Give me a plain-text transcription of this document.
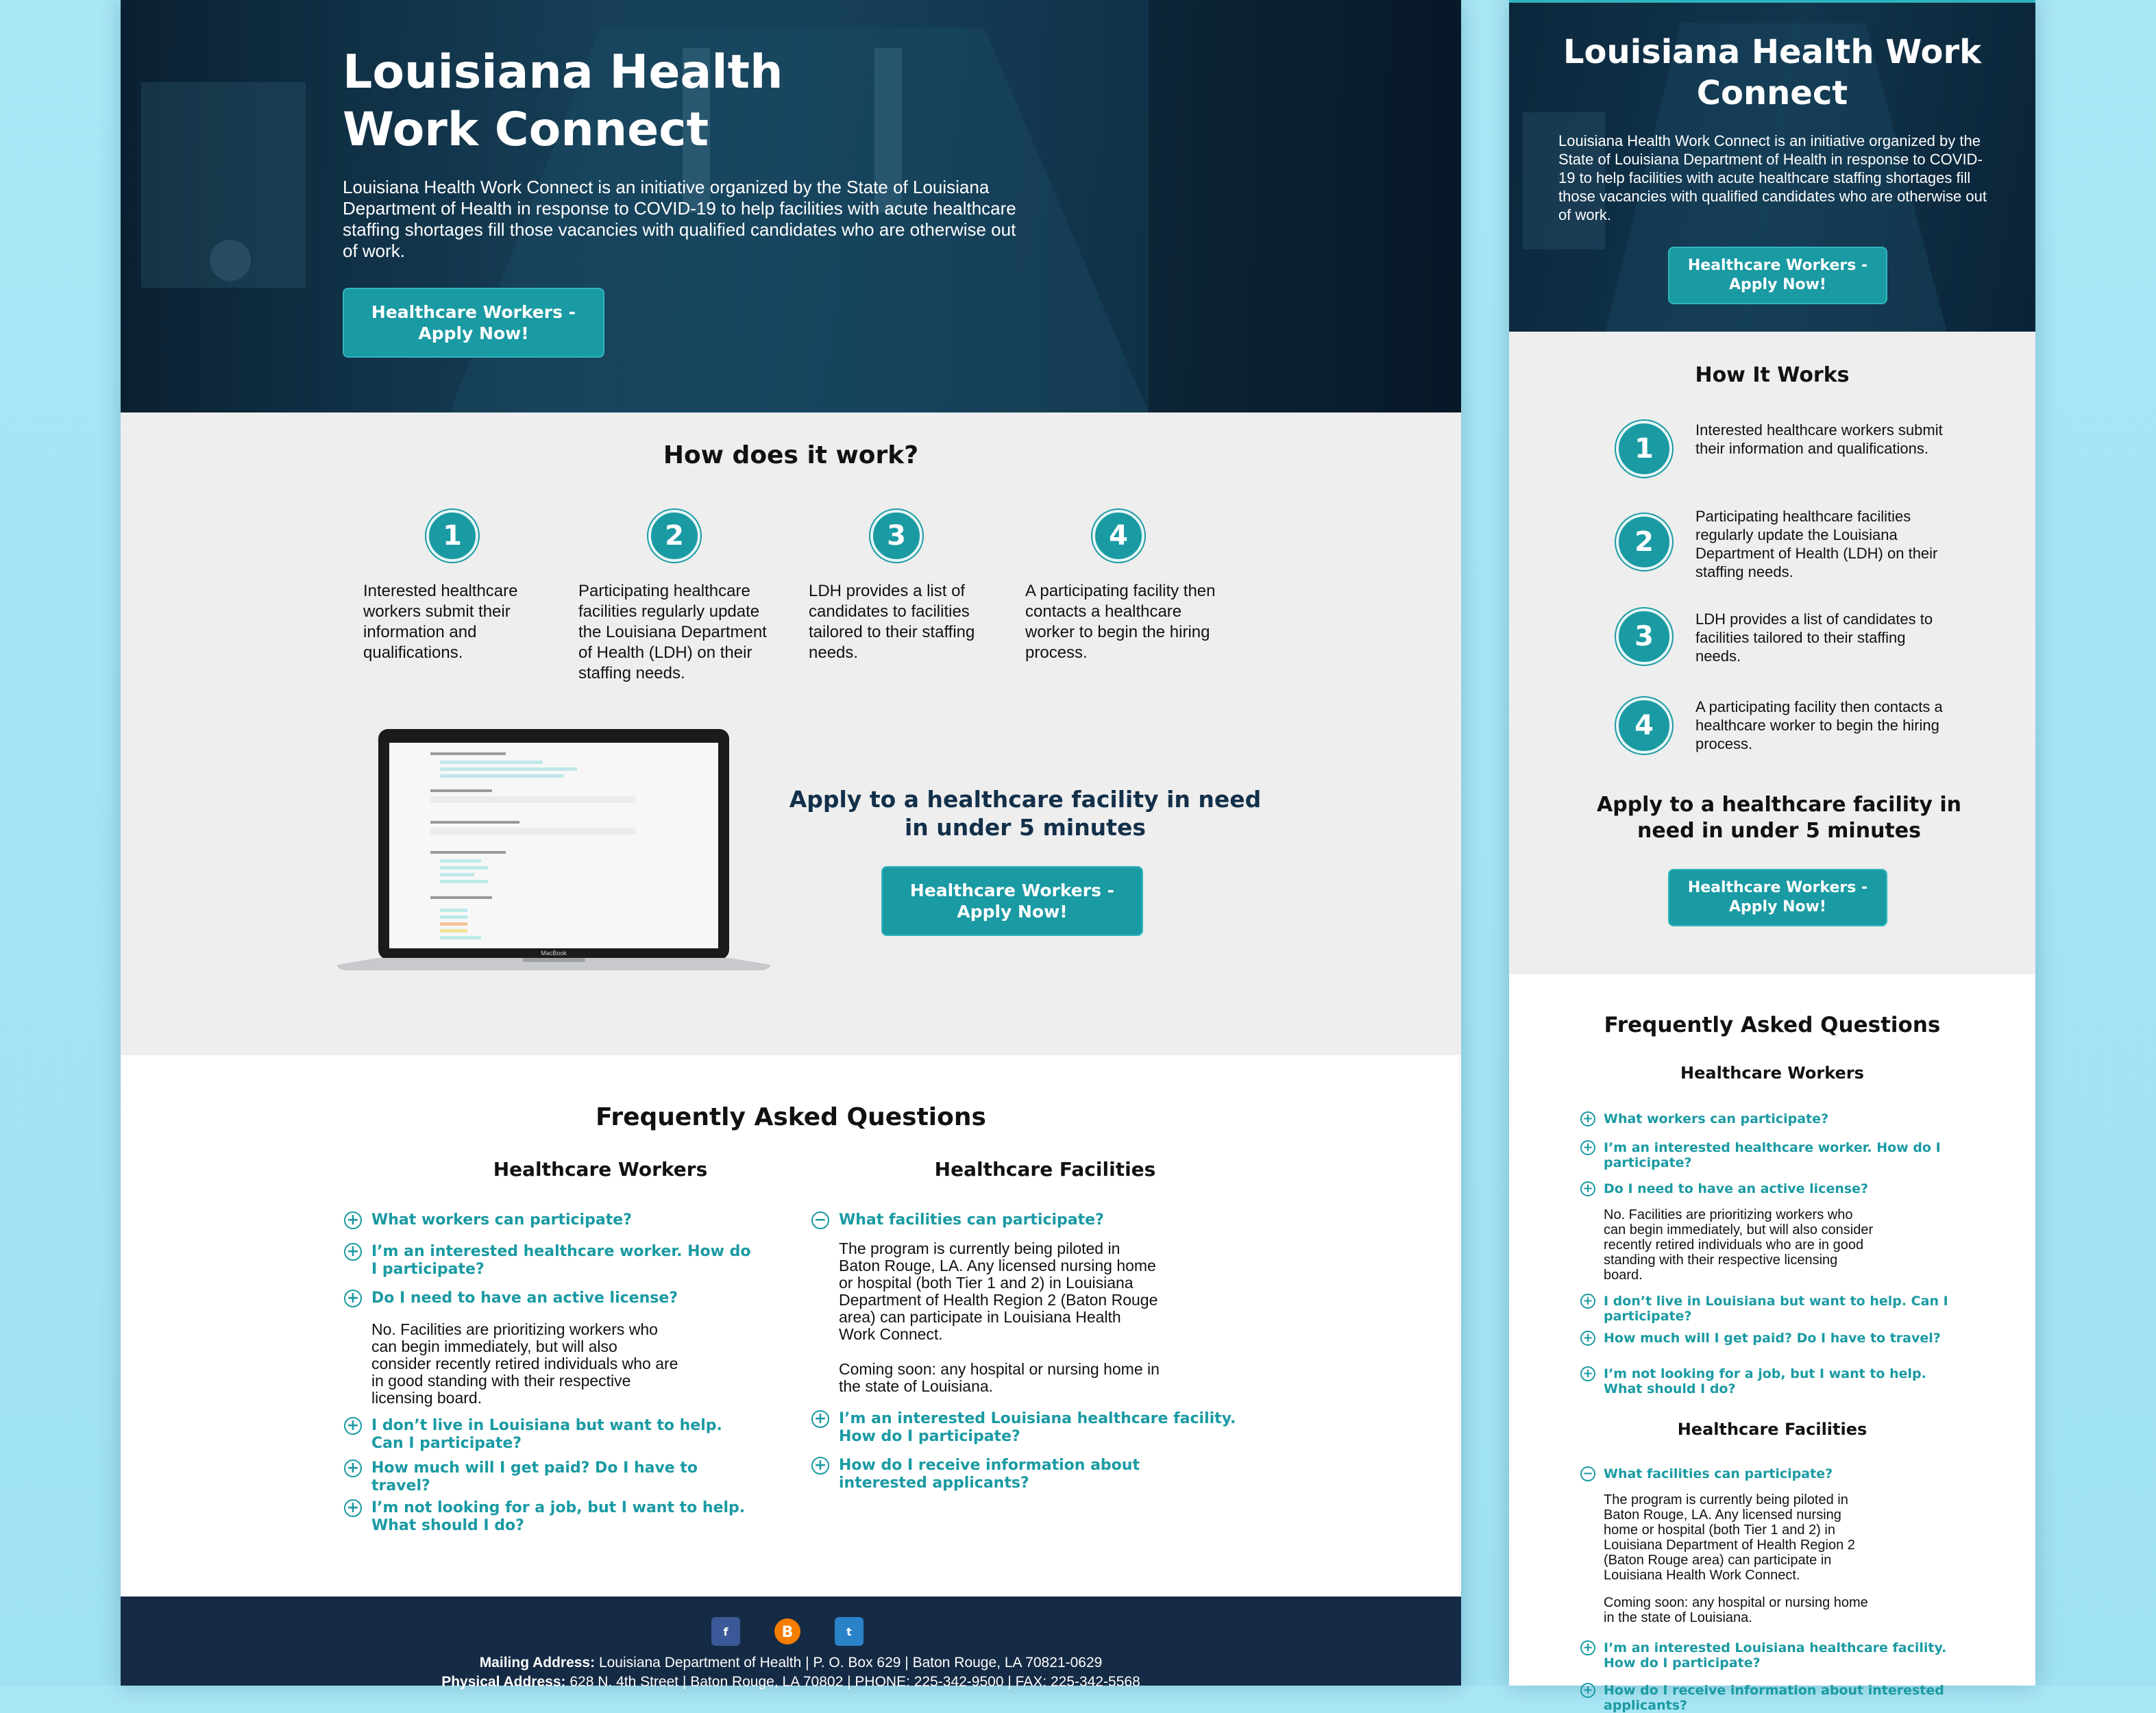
Louisiana Health Work Connect

Louisiana Health Work Connect is an initiative organized by the State of Louisiana Department of Health in response to COVID-19 to help facilities with acute healthcare staffing shortages fill those vacancies with qualified candidates who are otherwise out of work.

Healthcare Workers - Apply Now!
How does it work?
1	2	3	4

Interested healthcare workers submit their information and qualifications.

Participating healthcare facilities regularly update the Louisiana Department of Health (LDH) on their staffing needs.

LDH provides a list of candidates to facilities tailored to their staffing needs.

A participating facility then contacts a healthcare worker to begin the hiring process.

Apply to a healthcare facility in need in under 5 minutes
Healthcare Workers - Apply Now!
MacBook
Frequently Asked Questions
Healthcare Workers	Healthcare Facilities
+ What workers can participate?
+ I’m an interested healthcare worker. How do I participate?
+ Do I need to have an active license?

No. Facilities are prioritizing workers who can begin immediately, but will also consider recently retired individuals who are in good standing with their respective licensing board.

+ I don’t live in Louisiana but want to help. Can I participate?
+ How much will I get paid? Do I have to travel?
+ I’m not looking for a job, but I want to help. What should I do?
− What facilities can participate?

The program is currently being piloted in Baton Rouge, LA. Any licensed nursing home or hospital (both Tier 1 and 2) in Louisiana Department of Health Region 2 (Baton Rouge area) can participate in Louisiana Health Work Connect.

Coming soon: any hospital or nursing home in the state of Louisiana.

+ I’m an interested Louisiana healthcare facility. How do I participate?
+ How do I receive information about interested applicants?
f	B	t
Mailing Address: Louisiana Department of Health | P. O. Box 629 | Baton Rouge, LA 70821-0629
Physical Address: 628 N. 4th Street | Baton Rouge, LA 70802 | PHONE: 225-342-9500 | FAX: 225-342-5568
Louisiana Health Work Connect

Louisiana Health Work Connect is an initiative organized by the State of Louisiana Department of Health in response to COVID-19 to help facilities with acute healthcare staffing shortages fill those vacancies with qualified candidates who are otherwise out of work.

Healthcare Workers - Apply Now!
How It Works
1

Interested healthcare workers submit their information and qualifications.

2

Participating healthcare facilities regularly update the Louisiana Department of Health (LDH) on their staffing needs.

3

LDH provides a list of candidates to facilities tailored to their staffing needs.

4

A participating facility then contacts a healthcare worker to begin the hiring process.

Apply to a healthcare facility in need in under 5 minutes
Healthcare Workers - Apply Now!
Frequently Asked Questions
Healthcare Workers
+ What workers can participate?
+ I’m an interested healthcare worker. How do I participate?
+ Do I need to have an active license?

No. Facilities are prioritizing workers who can begin immediately, but will also consider recently retired individuals who are in good standing with their respective licensing board.

+ I don’t live in Louisiana but want to help. Can I participate?
+ How much will I get paid? Do I have to travel?
+ I’m not looking for a job, but I want to help. What should I do?
Healthcare Facilities
− What facilities can participate?

The program is currently being piloted in Baton Rouge, LA. Any licensed nursing home or hospital (both Tier 1 and 2) in Louisiana Department of Health Region 2 (Baton Rouge area) can participate in Louisiana Health Work Connect.

Coming soon: any hospital or nursing home in the state of Louisiana.

+ I’m an interested Louisiana healthcare facility. How do I participate?
+ How do I receive information about interested applicants?
